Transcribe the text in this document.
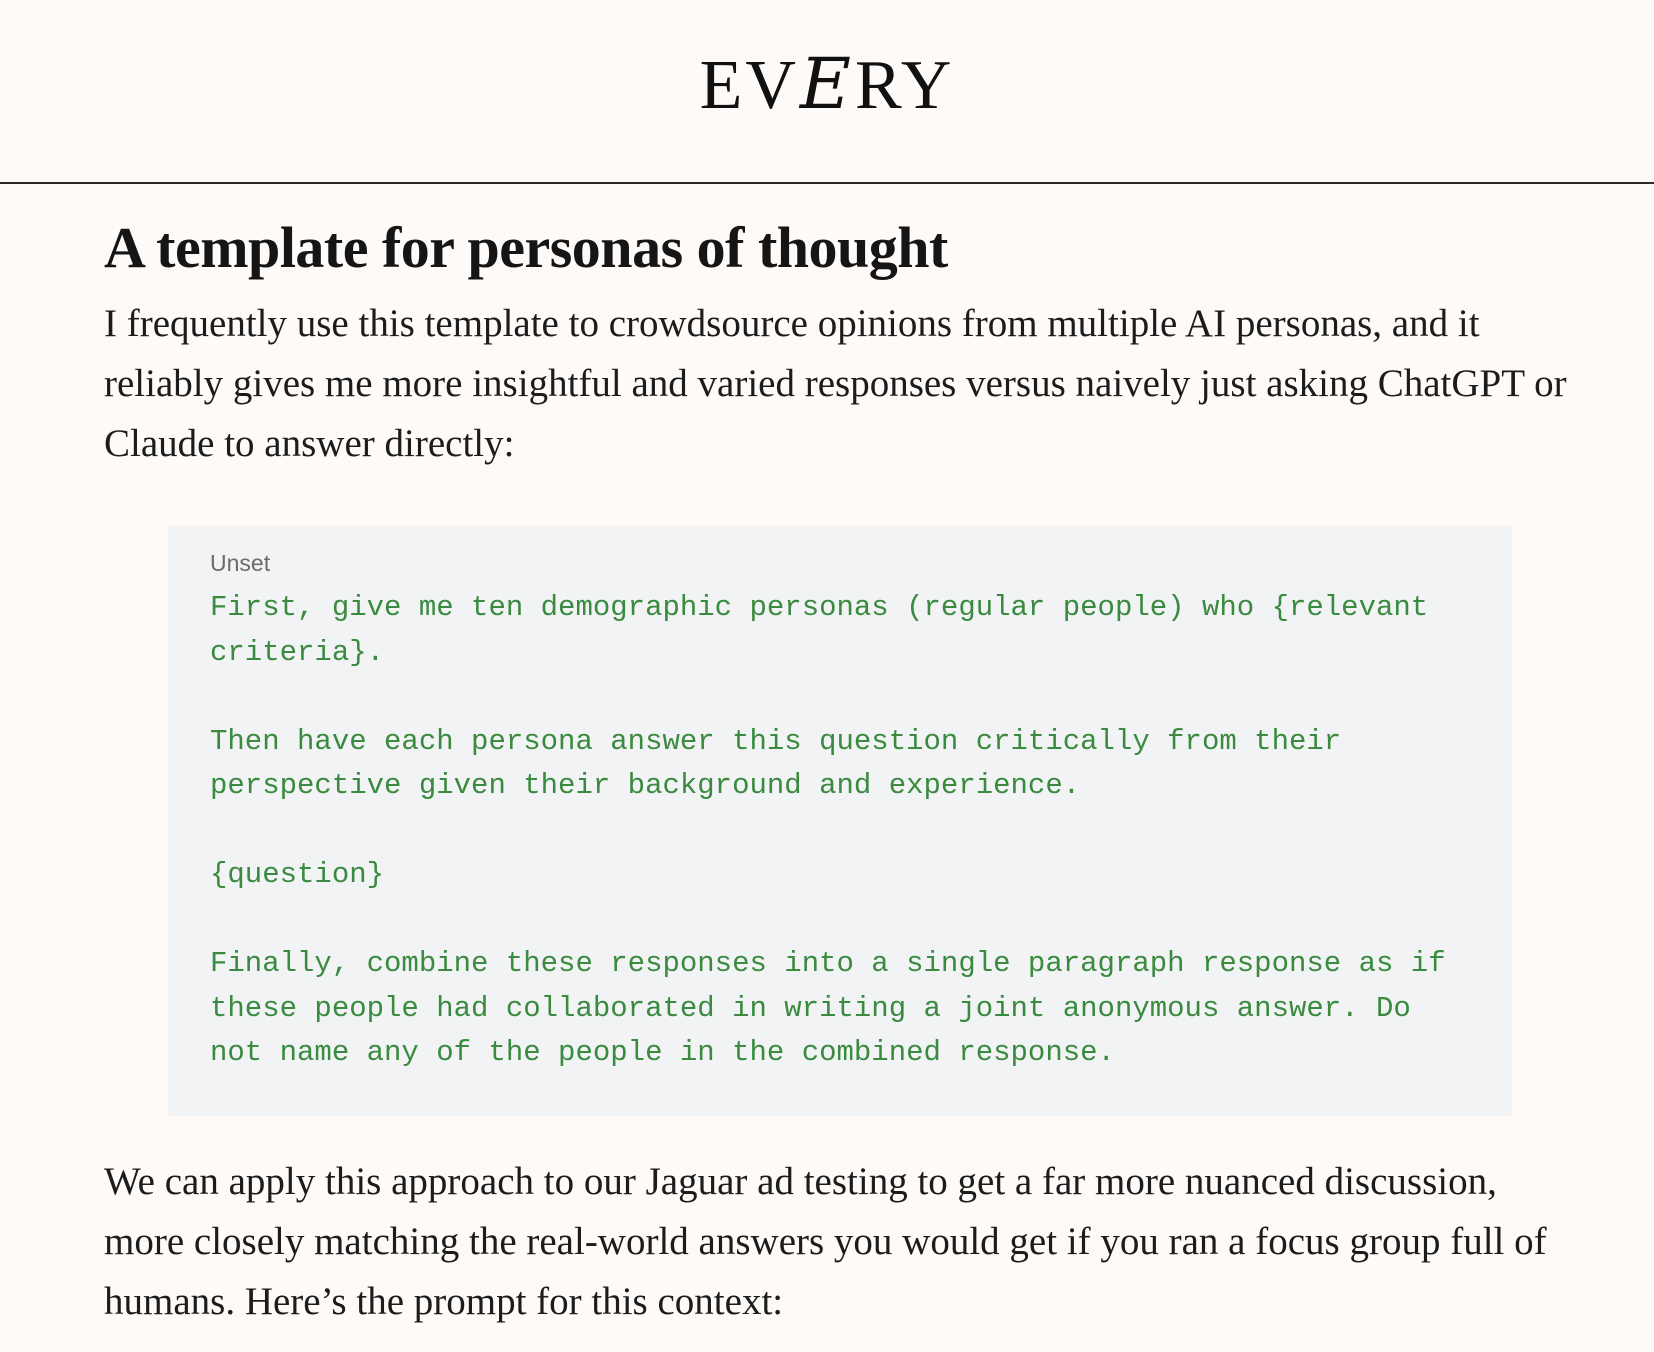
EVERY
A template for personas of thought

I frequently use this template to crowdsource opinions from multiple AI personas, and it reliably gives me more insightful and varied responses versus naively just asking ChatGPT or Claude to answer directly:

Unset
First, give me ten demographic personas (regular people) who {relevant
criteria}.

Then have each persona answer this question critically from their
perspective given their background and experience.

{question}

Finally, combine these responses into a single paragraph response as if
these people had collaborated in writing a joint anonymous answer. Do
not name any of the people in the combined response.

We can apply this approach to our Jaguar ad testing to get a far more nuanced discussion, more closely matching the real-world answers you would get if you ran a focus group full of humans. Here’s the prompt for this context:
